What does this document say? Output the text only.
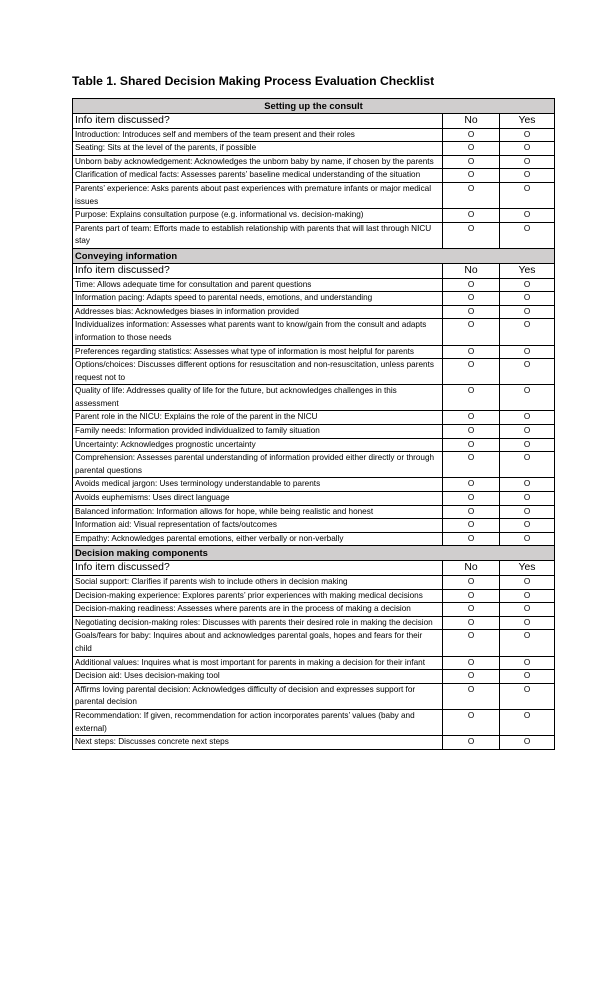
Table 1. Shared Decision Making Process Evaluation Checklist
Setting up the consult		
Info item discussed?	No	Yes
Introduction: Introduces self and members of the team present and their roles	O	O
Seating: Sits at the level of the parents, if possible	O	O
Unborn baby acknowledgement: Acknowledges the unborn baby by name, if chosen by the parents	O	O
Clarification of medical facts: Assesses parents’ baseline medical understanding of the situation	O	O
Parents’ experience: Asks parents about past experiences with premature infants or major medical issues	O	O
Purpose: Explains consultation purpose (e.g. informational vs. decision-making)	O	O
Parents part of team: Efforts made to establish relationship with parents that will last through NICU stay	O	O
Conveying information		
Info item discussed?	No	Yes
Time: Allows adequate time for consultation and parent questions	O	O
Information pacing: Adapts speed to parental needs, emotions, and understanding	O	O
Addresses bias: Acknowledges biases in information provided	O	O
Individualizes information: Assesses what parents want to know/gain from the consult and adapts information to those needs	O	O
Preferences regarding statistics: Assesses what type of information is most helpful for parents	O	O
Options/choices: Discusses different options for resuscitation and non-resuscitation, unless parents request not to	O	O
Quality of life: Addresses quality of life for the future, but acknowledges challenges in this assessment	O	O
Parent role in the NICU: Explains the role of the parent in the NICU	O	O
Family needs: Information provided individualized to family situation	O	O
Uncertainty: Acknowledges prognostic uncertainty	O	O
Comprehension: Assesses parental understanding of information provided either directly or through parental questions	O	O
Avoids medical jargon: Uses terminology understandable to parents	O	O
Avoids euphemisms: Uses direct language	O	O
Balanced information: Information allows for hope, while being realistic and honest	O	O
Information aid: Visual representation of facts/outcomes	O	O
Empathy: Acknowledges parental emotions, either verbally or non-verbally	O	O
Decision making components		
Info item discussed?	No	Yes
Social support: Clarifies if parents wish to include others in decision making	O	O
Decision-making experience: Explores parents’ prior experiences with making medical decisions	O	O
Decision-making readiness: Assesses where parents are in the process of making a decision	O	O
Negotiating decision-making roles: Discusses with parents their desired role in making the decision	O	O
Goals/fears for baby: Inquires about and acknowledges parental goals, hopes and fears for their child	O	O
Additional values: Inquires what is most important for parents in making a decision for their infant	O	O
Decision aid: Uses decision-making tool	O	O
Affirms loving parental decision: Acknowledges difficulty of decision and expresses support for parental decision	O	O
Recommendation: If given, recommendation for action incorporates parents’ values (baby and external)	O	O
Next steps: Discusses concrete next steps	O	O
